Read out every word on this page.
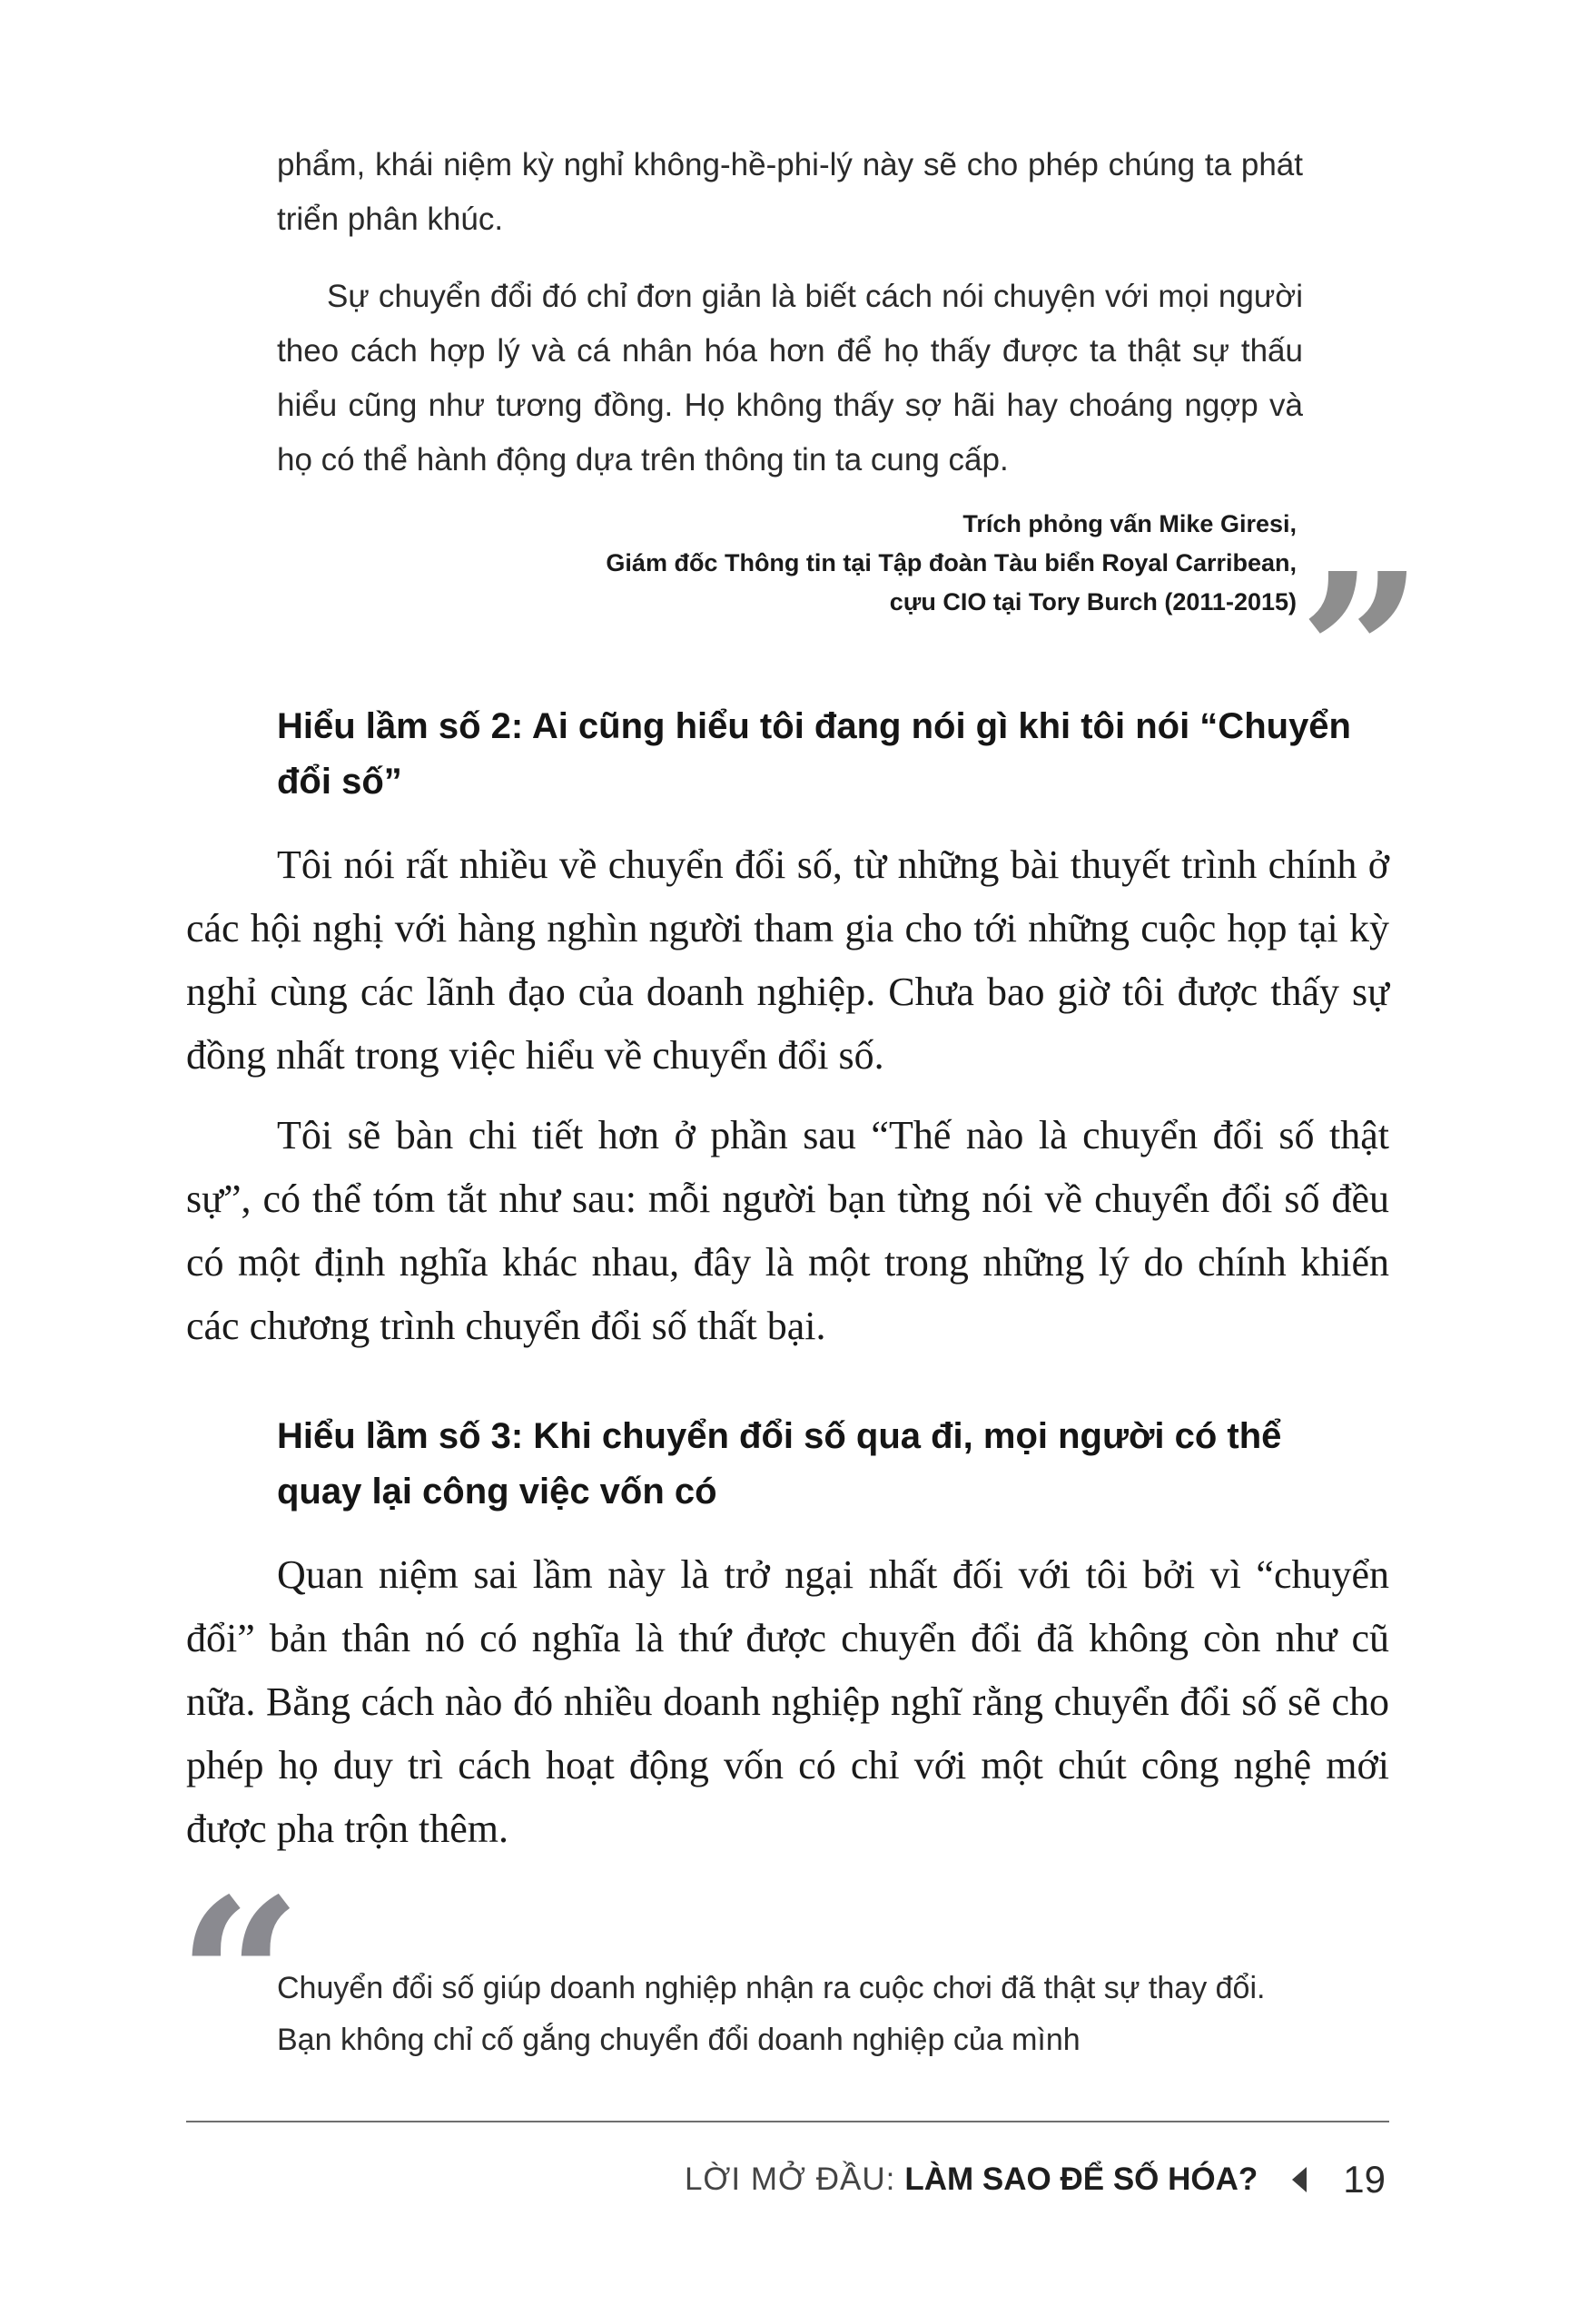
phẩm, khái niệm kỳ nghỉ không-hề-phi-lý này sẽ cho phép chúng ta phát triển phân khúc.

Sự chuyển đổi đó chỉ đơn giản là biết cách nói chuyện với mọi người theo cách hợp lý và cá nhân hóa hơn để họ thấy được ta thật sự thấu hiểu cũng như tương đồng. Họ không thấy sợ hãi hay choáng ngợp và họ có thể hành động dựa trên thông tin ta cung cấp.

Trích phỏng vấn Mike Giresi,
Giám đốc Thông tin tại Tập đoàn Tàu biển Royal Carribean,
cựu CIO tại Tory Burch (2011-2015) ”
Hiểu lầm số 2: Ai cũng hiểu tôi đang nói gì khi tôi nói “Chuyển đổi số”

Tôi nói rất nhiều về chuyển đổi số, từ những bài thuyết trình chính ở các hội nghị với hàng nghìn người tham gia cho tới những cuộc họp tại kỳ nghỉ cùng các lãnh đạo của doanh nghiệp. Chưa bao giờ tôi được thấy sự đồng nhất trong việc hiểu về chuyển đổi số.

Tôi sẽ bàn chi tiết hơn ở phần sau “Thế nào là chuyển đổi số thật sự”, có thể tóm tắt như sau: mỗi người bạn từng nói về chuyển đổi số đều có một định nghĩa khác nhau, đây là một trong những lý do chính khiến các chương trình chuyển đổi số thất bại.

Hiểu lầm số 3: Khi chuyển đổi số qua đi, mọi người có thể quay lại công việc vốn có

Quan niệm sai lầm này là trở ngại nhất đối với tôi bởi vì “chuyển đổi” bản thân nó có nghĩa là thứ được chuyển đổi đã không còn như cũ nữa. Bằng cách nào đó nhiều doanh nghiệp nghĩ rằng chuyển đổi số sẽ cho phép họ duy trì cách hoạt động vốn có chỉ với một chút công nghệ mới được pha trộn thêm.

“

Chuyển đổi số giúp doanh nghiệp nhận ra cuộc chơi đã thật sự thay đổi. Bạn không chỉ cố gắng chuyển đổi doanh nghiệp của mình

LỜI MỞ ĐẦU: LÀM SAO ĐỂ SỐ HÓA? 19
